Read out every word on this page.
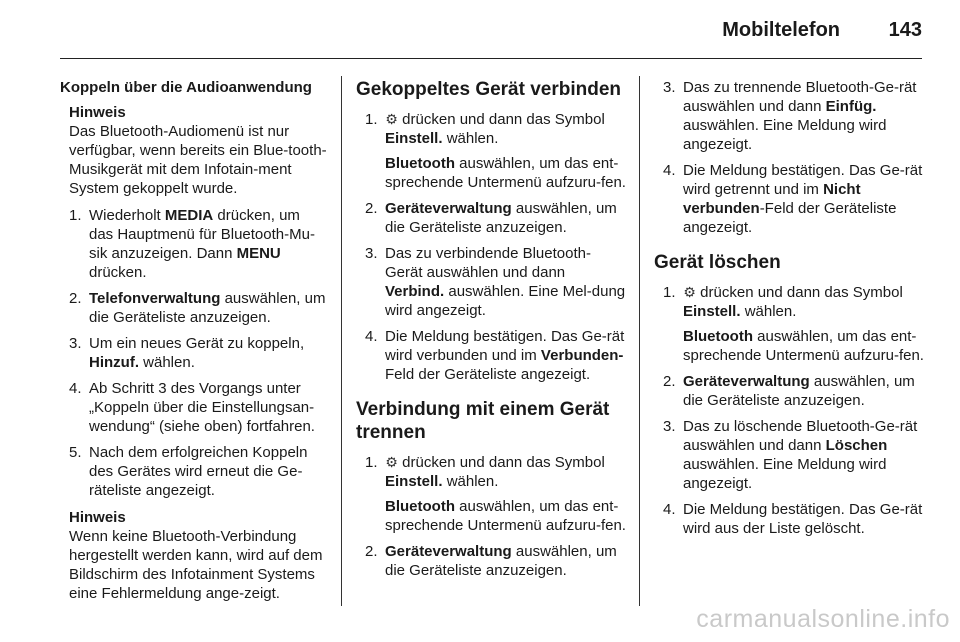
Mobiltelefon 143
Koppeln über die Audioanwendung
Hinweis
Das Bluetooth-Audiomenü ist nur verfügbar, wenn bereits ein Blue-tooth-Musikgerät mit dem Infotain-ment System gekoppelt wurde.
1. Wiederholt MEDIA drücken, um das Hauptmenü für Bluetooth-Mu-sik anzuzeigen. Dann MENU drücken.
2. Telefonverwaltung auswählen, um die Geräteliste anzuzeigen.
3. Um ein neues Gerät zu koppeln, Hinzuf. wählen.
4. Ab Schritt 3 des Vorgangs unter „Koppeln über die Einstellungsan-wendung“ (siehe oben) fortfahren.
5. Nach dem erfolgreichen Koppeln des Gerätes wird erneut die Ge-räteliste angezeigt.
Hinweis
Wenn keine Bluetooth-Verbindung hergestellt werden kann, wird auf dem Bildschirm des Infotainment Systems eine Fehlermeldung ange-zeigt.
Gekoppeltes Gerät verbinden
1. ⚙ drücken und dann das Symbol Einstell. wählen.
Bluetooth auswählen, um das ent-sprechende Untermenü aufzuru-fen.
2. Geräteverwaltung auswählen, um die Geräteliste anzuzeigen.
3. Das zu verbindende Bluetooth-Gerät auswählen und dann Verbind. auswählen. Eine Mel-dung wird angezeigt.
4. Die Meldung bestätigen. Das Ge-rät wird verbunden und im Verbunden-Feld der Geräteliste angezeigt.
Verbindung mit einem Gerät trennen
1. ⚙ drücken und dann das Symbol Einstell. wählen.
Bluetooth auswählen, um das ent-sprechende Untermenü aufzuru-fen.
2. Geräteverwaltung auswählen, um die Geräteliste anzuzeigen.
3. Das zu trennende Bluetooth-Ge-rät auswählen und dann Einfüg. auswählen. Eine Meldung wird angezeigt.
4. Die Meldung bestätigen. Das Ge-rät wird getrennt und im Nicht verbunden-Feld der Geräteliste angezeigt.
Gerät löschen
1. ⚙ drücken und dann das Symbol Einstell. wählen.
Bluetooth auswählen, um das ent-sprechende Untermenü aufzuru-fen.
2. Geräteverwaltung auswählen, um die Geräteliste anzuzeigen.
3. Das zu löschende Bluetooth-Ge-rät auswählen und dann Löschen auswählen. Eine Meldung wird angezeigt.
4. Die Meldung bestätigen. Das Ge-rät wird aus der Liste gelöscht.
carmanualsonline.info
